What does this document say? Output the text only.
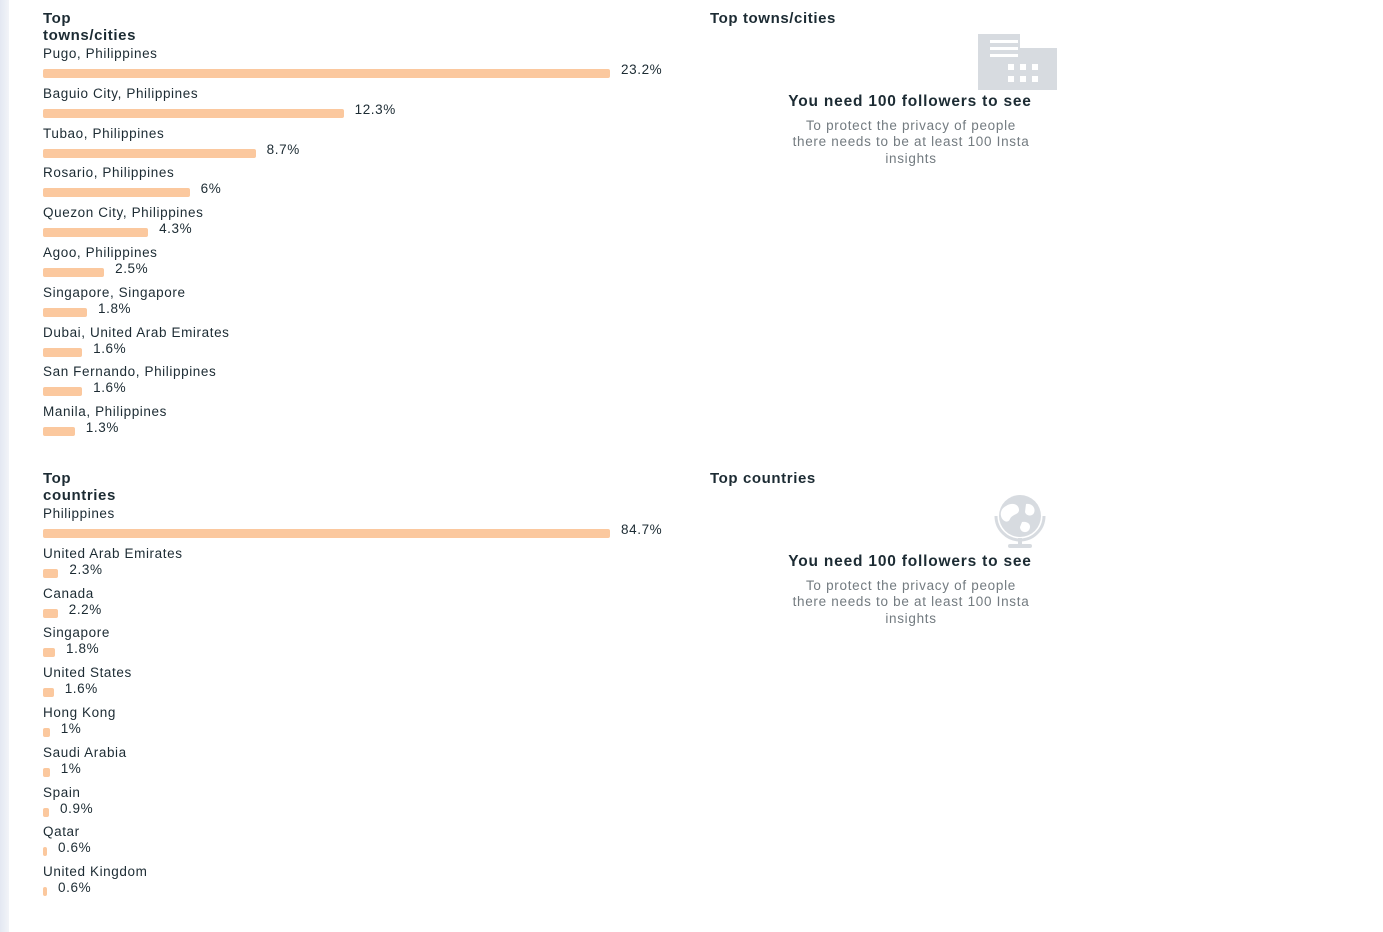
Top towns/cities
Pugo, Philippines
23.2%
Baguio City, Philippines
12.3%
Tubao, Philippines
8.7%
Rosario, Philippines
6%
Quezon City, Philippines
4.3%
Agoo, Philippines
2.5%
Singapore, Singapore
1.8%
Dubai, United Arab Emirates
1.6%
San Fernando, Philippines
1.6%
Manila, Philippines
1.3%
Top countries
Philippines
84.7%
United Arab Emirates
2.3%
Canada
2.2%
Singapore
1.8%
United States
1.6%
Hong Kong
1%
Saudi Arabia
1%
Spain
0.9%
Qatar
0.6%
United Kingdom
0.6%
Top towns/cities
You need 100 followers to see
To protect the privacy of people
there needs to be at least 100 Insta
insights
Top countries
You need 100 followers to see
To protect the privacy of people
there needs to be at least 100 Insta
insights
